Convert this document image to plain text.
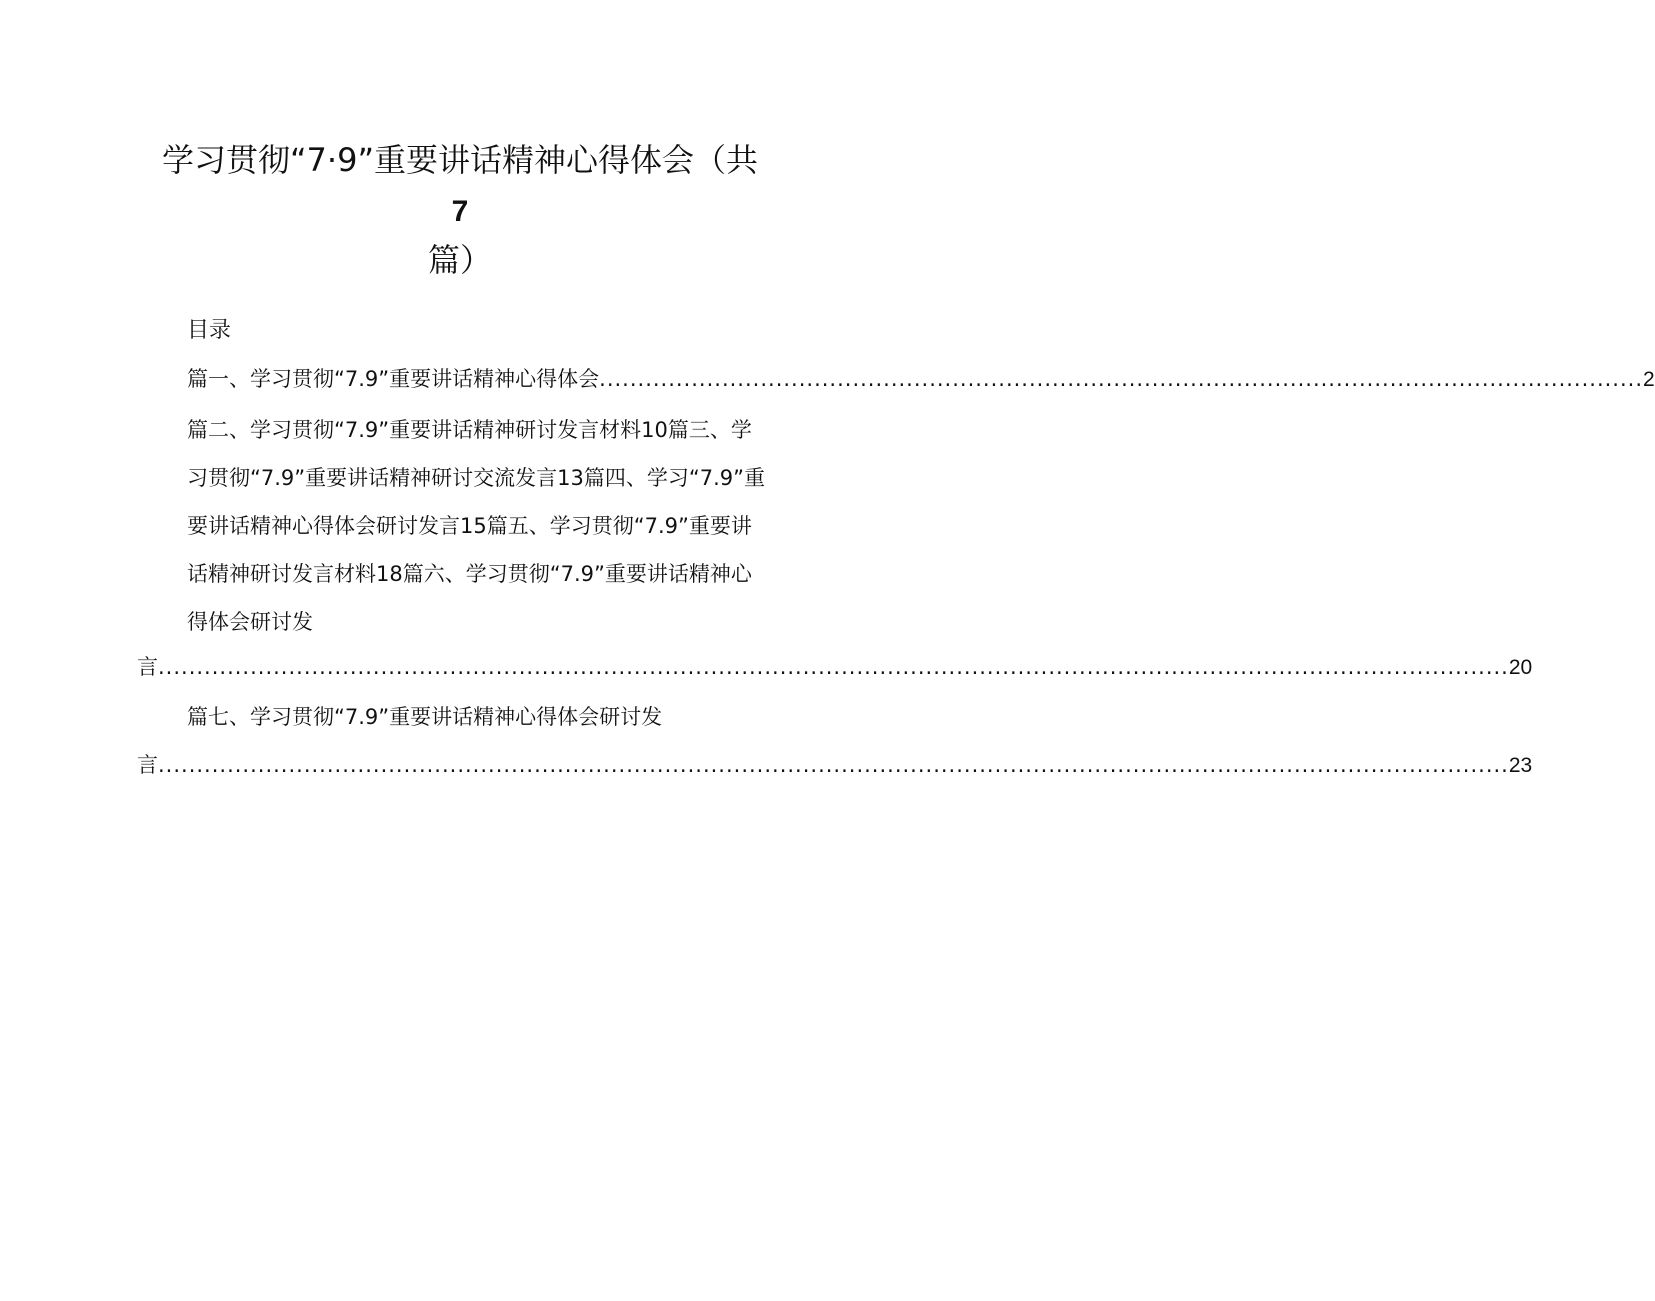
学习贯彻“7·9”重要讲话精神心得体会（共
7
篇）
目录
篇一、学习贯彻“7.9”重要讲话精神心得体会 ........................................................................................................................................ 2
篇二、学习贯彻“7.9”重要讲话精神研讨发言材料10篇三、学
习贯彻“7.9”重要讲话精神研讨交流发言13篇四、学习“7.9”重
要讲话精神心得体会研讨发言15篇五、学习贯彻“7.9”重要讲
话精神研讨发言材料18篇六、学习贯彻“7.9”重要讲话精神心
得体会研讨发
言 ................................................................................................................................................................................ 20
篇七、学习贯彻“7.9”重要讲话精神心得体会研讨发
言 ................................................................................................................................................................................ 23
